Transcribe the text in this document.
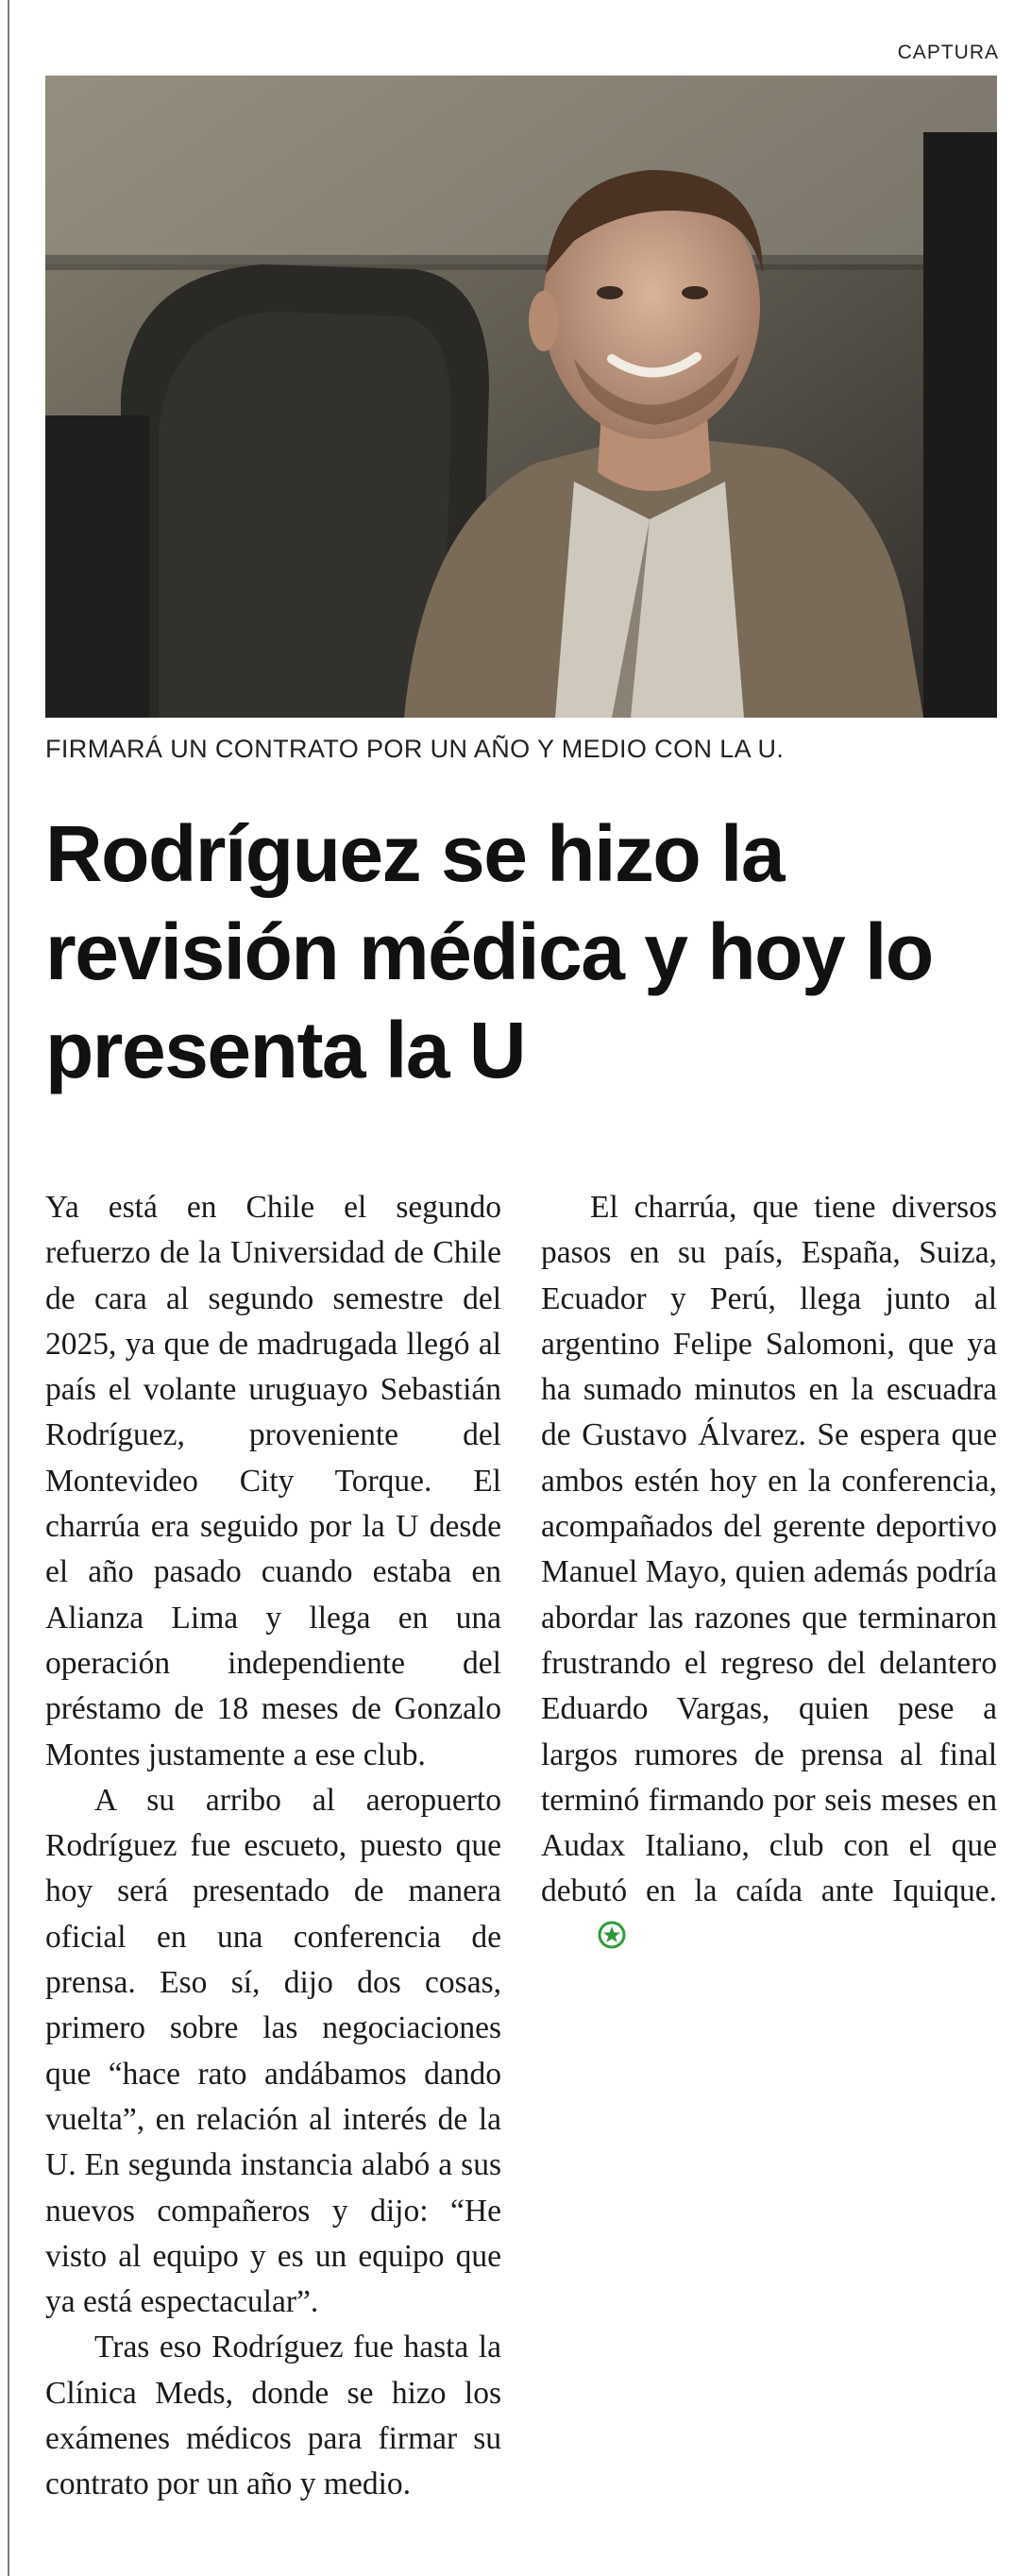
CAPTURA
FIRMARÁ UN CONTRATO POR UN AÑO Y MEDIO CON LA U.
Rodríguez se hizo la revisión médica y hoy lo presenta la U

Ya está en Chile el segundo refuerzo de la Universidad de Chile de cara al segundo semestre del 2025, ya que de madrugada llegó al país el volante uruguayo Sebastián Rodríguez, proveniente del Montevideo City Torque. El charrúa era seguido por la U desde el año pasado cuando estaba en Alianza Lima y llega en una operación independiente del préstamo de 18 meses de Gonzalo Montes justamente a ese club.

A su arribo al aeropuerto Rodríguez fue escueto, puesto que hoy será presentado de manera oficial en una conferencia de prensa. Eso sí, dijo dos cosas, primero sobre las negociaciones que “hace rato andábamos dando vuelta”, en relación al interés de la U. En segunda instancia alabó a sus nuevos compañeros y dijo: “He visto al equipo y es un equipo que ya está espectacular”.

Tras eso Rodríguez fue hasta la Clínica Meds, donde se hizo los exámenes médicos para firmar su contrato por un año y medio.

El charrúa, que tiene diversos pasos en su país, España, Suiza, Ecuador y Perú, llega junto al argentino Felipe Salomoni, que ya ha sumado minutos en la escuadra de Gustavo Álvarez. Se espera que ambos estén hoy en la conferencia, acompañados del gerente deportivo Manuel Mayo, quien además podría abordar las razones que terminaron frustrando el regreso del delantero Eduardo Vargas, quien pese a largos rumores de prensa al final terminó firmando por seis meses en Audax Italiano, club con el que debutó en la caída ante Iquique.
